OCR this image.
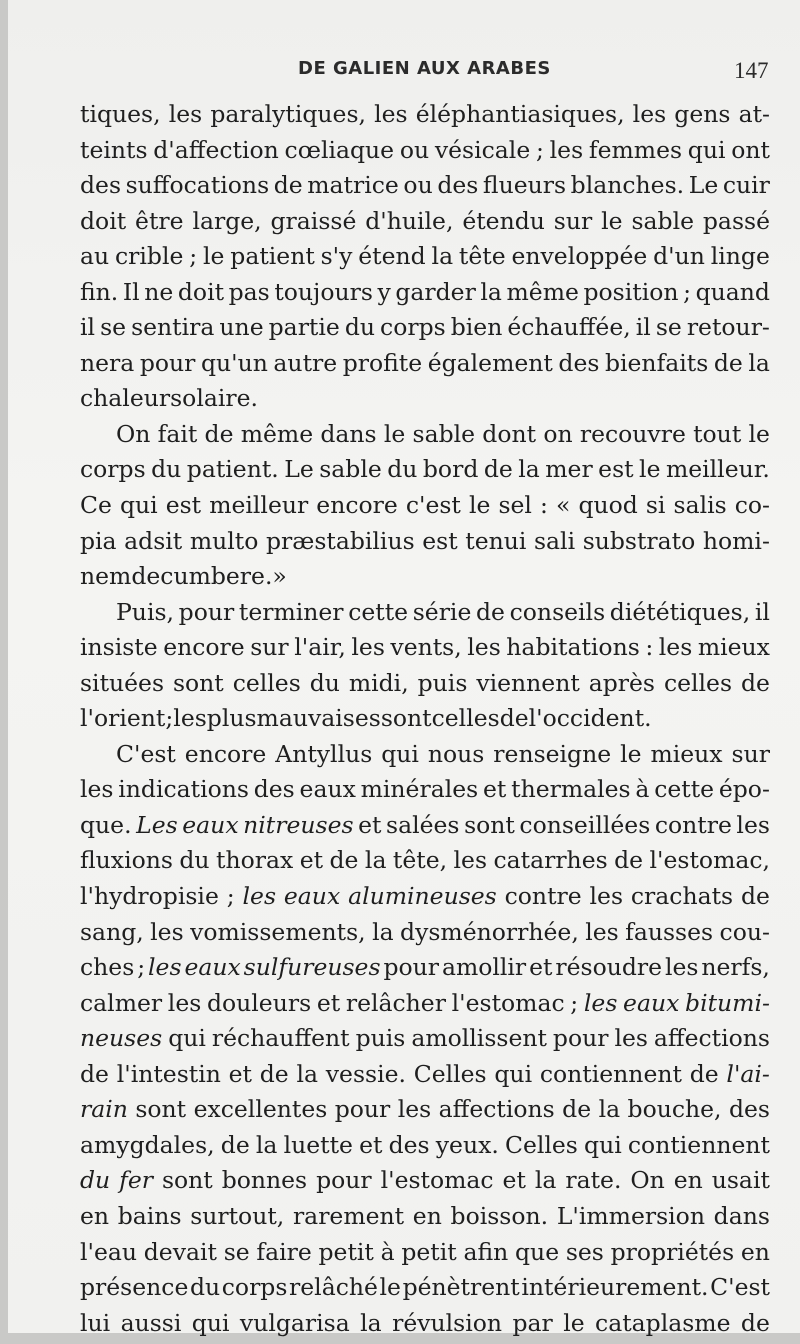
DE GALIEN AUX ARABES	147
tiques, les paralytiques, les éléphantiasiques, les gens at-
teints d'affection cœliaque ou vésicale ; les femmes qui ont
des suffocations de matrice ou des flueurs blanches. Le cuir
doit être large, graissé d'huile, étendu sur le sable passé
au crible ; le patient s'y étend la tête enveloppée d'un linge
fin. Il ne doit pas toujours y garder la même position ; quand
il se sentira une partie du corps bien échauffée, il se retour-
nera pour qu'un autre profite également des bienfaits de la
chaleur solaire.
On fait de même dans le sable dont on recouvre tout le
corps du patient. Le sable du bord de la mer est le meilleur.
Ce qui est meilleur encore c'est le sel : « quod si salis co-
pia adsit multo præstabilius est tenui sali substrato homi-
nem decumbere. »
Puis, pour terminer cette série de conseils diététiques, il
insiste encore sur l'air, les vents, les habitations : les mieux
situées sont celles du midi, puis viennent après celles de
l'orient ; les plus mauvaises sont celles de l'occident.
C'est encore Antyllus qui nous renseigne le mieux sur
les indications des eaux minérales et thermales à cette épo-
que. Les eaux nitreuses et salées sont conseillées contre les
fluxions du thorax et de la tête, les catarrhes de l'estomac,
l'hydropisie ; les eaux alumineuses contre les crachats de
sang, les vomissements, la dysménorrhée, les fausses cou-
ches ; les eaux sulfureuses pour amollir et résoudre les nerfs,
calmer les douleurs et relâcher l'estomac ; les eaux bitumi-
neuses qui réchauffent puis amollissent pour les affections
de l'intestin et de la vessie. Celles qui contiennent de l'ai-
rain sont excellentes pour les affections de la bouche, des
amygdales, de la luette et des yeux. Celles qui contiennent
du fer sont bonnes pour l'estomac et la rate. On en usait
en bains surtout, rarement en boisson. L'immersion dans
l'eau devait se faire petit à petit afin que ses propriétés en
présence du corps relâché le pénètrent intérieurement. C'est
lui aussi qui vulgarisa la révulsion par le cataplasme de
